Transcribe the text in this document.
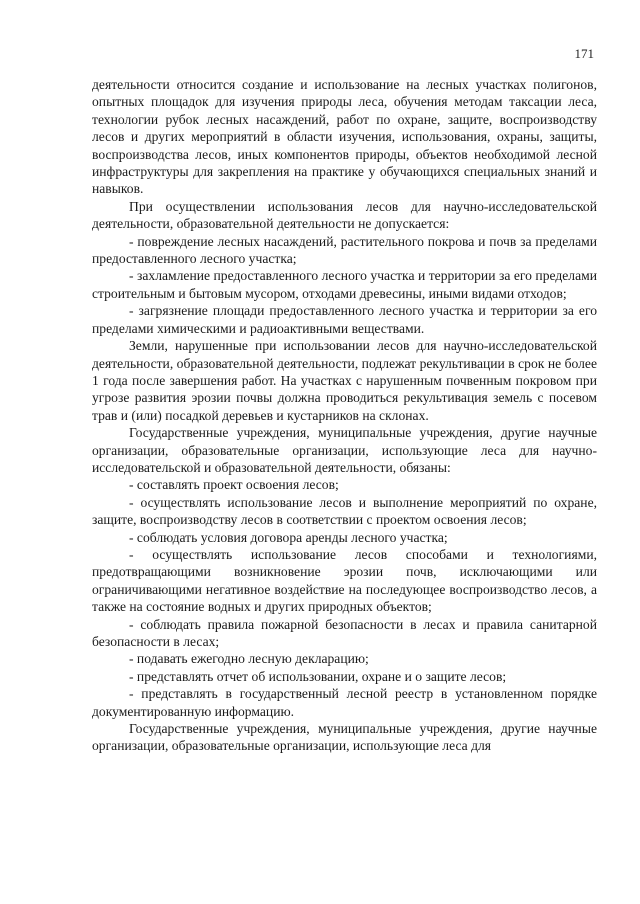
171

деятельности относится создание и использование на лесных участках полигонов, опытных площадок для изучения природы леса, обучения методам таксации леса, технологии рубок лесных насаждений, работ по охране, защите, воспроизводству лесов и других мероприятий в области изучения, использования, охраны, защиты, воспроизводства лесов, иных компонентов природы, объектов необходимой лесной инфраструктуры для закрепления на практике у обучающихся специальных знаний и навыков.

При осуществлении использования лесов для научно-исследовательской деятельности, образовательной деятельности не допускается:

- повреждение лесных насаждений, растительного покрова и почв за пределами предоставленного лесного участка;

- захламление предоставленного лесного участка и территории за его пределами строительным и бытовым мусором, отходами древесины, иными видами отходов;

- загрязнение площади предоставленного лесного участка и территории за его пределами химическими и радиоактивными веществами.

Земли, нарушенные при использовании лесов для научно-исследовательской деятельности, образовательной деятельности, подлежат рекультивации в срок не более 1 года после завершения работ. На участках с нарушенным почвенным покровом при угрозе развития эрозии почвы должна проводиться рекультивация земель с посевом трав и (или) посадкой деревьев и кустарников на склонах.

Государственные учреждения, муниципальные учреждения, другие научные организации, образовательные организации, использующие леса для научно-исследовательской и образовательной деятельности, обязаны:

- составлять проект освоения лесов;

- осуществлять использование лесов и выполнение мероприятий по охране, защите, воспроизводству лесов в соответствии с проектом освоения лесов;

- соблюдать условия договора аренды лесного участка;

- осуществлять использование лесов способами и технологиями, предотвращающими возникновение эрозии почв, исключающими или ограничивающими негативное воздействие на последующее воспроизводство лесов, а также на состояние водных и других природных объектов;

- соблюдать правила пожарной безопасности в лесах и правила санитарной безопасности в лесах;

- подавать ежегодно лесную декларацию;

- представлять отчет об использовании, охране и о защите лесов;

- представлять в государственный лесной реестр в установленном порядке документированную информацию.

Государственные учреждения, муниципальные учреждения, другие научные организации, образовательные организации, использующие леса для
